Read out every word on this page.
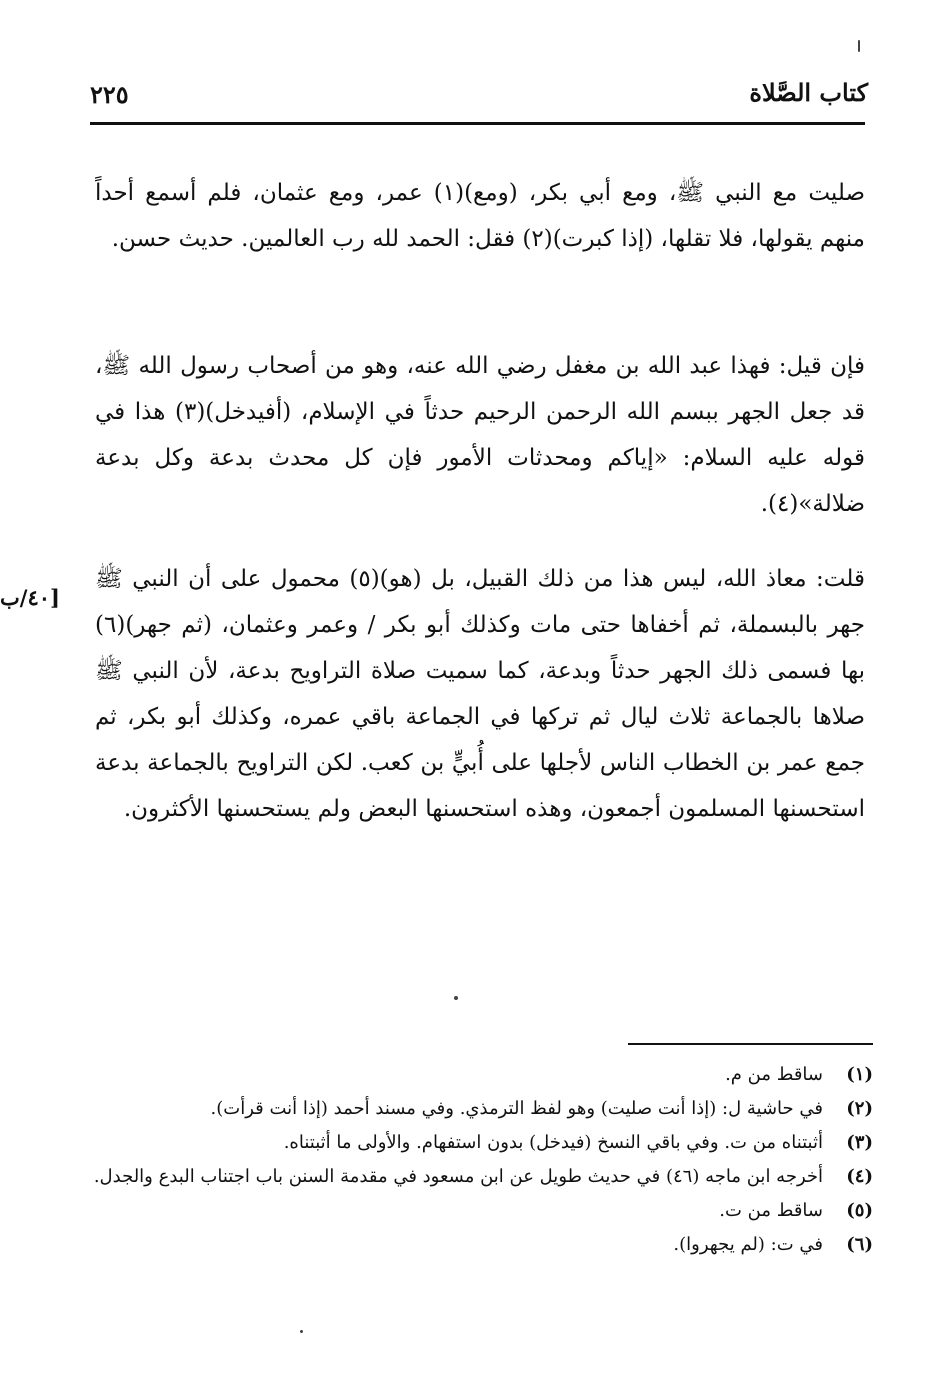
كتاب الصَّلاة
٢٢٥

صليت مع النبي ﷺ، ومع أبي بكر، (ومع)(١) عمر، ومع عثمان، فلم أسمع أحداً منهم يقولها، فلا تقلها، (إذا كبرت)(٢) فقل: الحمد لله رب العالمين. حديث حسن.

فإن قيل: فهذا عبد الله بن مغفل رضي الله عنه، وهو من أصحاب رسول الله ﷺ، قد جعل الجهر ببسم الله الرحمن الرحيم حدثاً في الإسلام، (أفيدخل)(٣) هذا في قوله عليه السلام: «إياكم ومحدثات الأمور فإن كل محدث بدعة وكل بدعة ضلالة»(٤).

قلت: معاذ الله، ليس هذا من ذلك القبيل، بل (هو)(٥) محمول على أن النبي ﷺ جهر بالبسملة، ثم أخفاها حتى مات وكذلك أبو بكر / وعمر وعثمان، (ثم جهر)(٦) بها فسمى ذلك الجهر حدثاً وبدعة، كما سميت صلاة التراويح بدعة، لأن النبي ﷺ صلاها بالجماعة ثلاث ليال ثم تركها في الجماعة باقي عمره، وكذلك أبو بكر، ثم جمع عمر بن الخطاب الناس لأجلها على أُبيٍّ بن كعب. لكن التراويح بالجماعة بدعة استحسنها المسلمون أجمعون، وهذه استحسنها البعض ولم يستحسنها الأكثرون.

[٤٠/ب
(١)
ساقط من م.
(٢)
في حاشية ل: (إذا أنت صليت) وهو لفظ الترمذي. وفي مسند أحمد (إذا أنت قرأت).
(٣)
أثبتناه من ت. وفي باقي النسخ (فيدخل) بدون استفهام. والأولى ما أثبتناه.
(٤)
أخرجه ابن ماجه (٤٦) في حديث طويل عن ابن مسعود في مقدمة السنن باب اجتناب البدع والجدل.
(٥)
ساقط من ت.
(٦)
في ت: (لم يجهروا).
